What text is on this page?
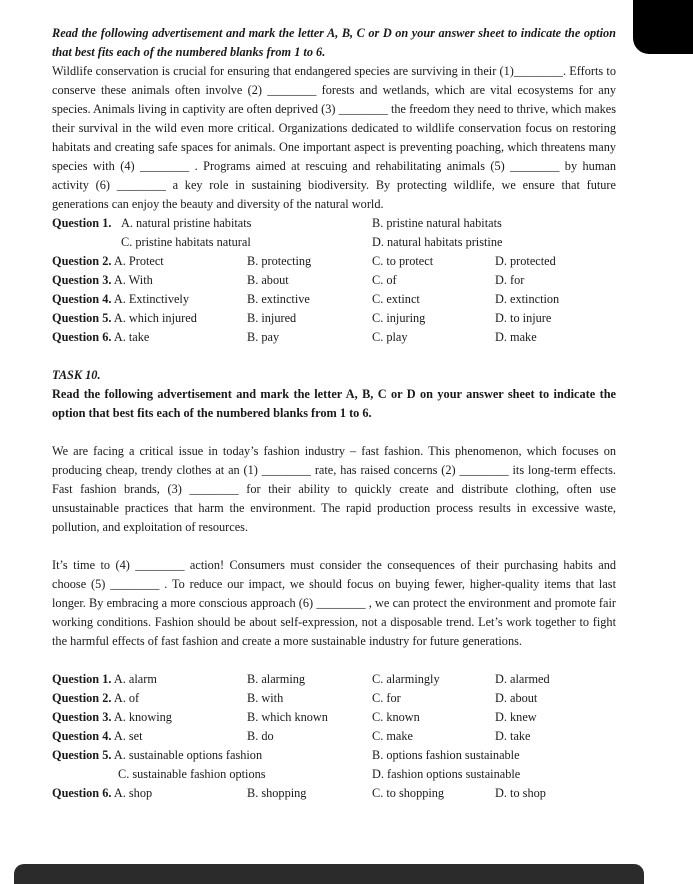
Read the following advertisement and mark the letter A, B, C or D on your answer sheet to indicate the option that best fits each of the numbered blanks from 1 to 6.

Wildlife conservation is crucial for ensuring that endangered species are surviving in their (1)________. Efforts to conserve these animals often involve (2) ________ forests and wetlands, which are vital ecosystems for any species. Animals living in captivity are often deprived (3) ________ the freedom they need to thrive, which makes their survival in the wild even more critical. Organizations dedicated to wildlife conservation focus on restoring habitats and creating safe spaces for animals. One important aspect is preventing poaching, which threatens many species with (4) ________ . Programs aimed at rescuing and rehabilitating animals (5) ________ by human activity (6) ________ a key role in sustaining biodiversity. By protecting wildlife, we ensure that future generations can enjoy the beauty and diversity of the natural world.

Question 1. A. natural pristine habitats	B. pristine natural habitats
C. pristine habitats natural	D. natural habitats pristine
Question 2. A. Protect	B. protecting	C. to protect	D. protected
Question 3. A. With	B. about	C. of	D. for
Question 4. A. Extinctively	B. extinctive	C. extinct	D. extinction
Question 5. A. which injured	B. injured	C. injuring	D. to injure
Question 6. A. take	B. pay	C. play	D. make

TASK 10.

Read the following advertisement and mark the letter A, B, C or D on your answer sheet to indicate the option that best fits each of the numbered blanks from 1 to 6.

We are facing a critical issue in today’s fashion industry – fast fashion. This phenomenon, which focuses on producing cheap, trendy clothes at an (1) ________ rate, has raised concerns (2) ________ its long-term effects. Fast fashion brands, (3) ________ for their ability to quickly create and distribute clothing, often use unsustainable practices that harm the environment. The rapid production process results in excessive waste, pollution, and exploitation of resources.

It’s time to (4) ________ action! Consumers must consider the consequences of their purchasing habits and choose (5) ________ . To reduce our impact, we should focus on buying fewer, higher-quality items that last longer. By embracing a more conscious approach (6) ________ , we can protect the environment and promote fair working conditions. Fashion should be about self-expression, not a disposable trend. Let’s work together to fight the harmful effects of fast fashion and create a more sustainable industry for future generations.

Question 1. A. alarm	B. alarming	C. alarmingly	D. alarmed
Question 2. A. of	B. with	C. for	D. about
Question 3. A. knowing	B. which known	C. known	D. knew
Question 4. A. set	B. do	C. make	D. take
Question 5. A. sustainable options fashion	B. options fashion sustainable
C. sustainable fashion options	D. fashion options sustainable
Question 6. A. shop	B. shopping	C. to shopping	D. to shop
